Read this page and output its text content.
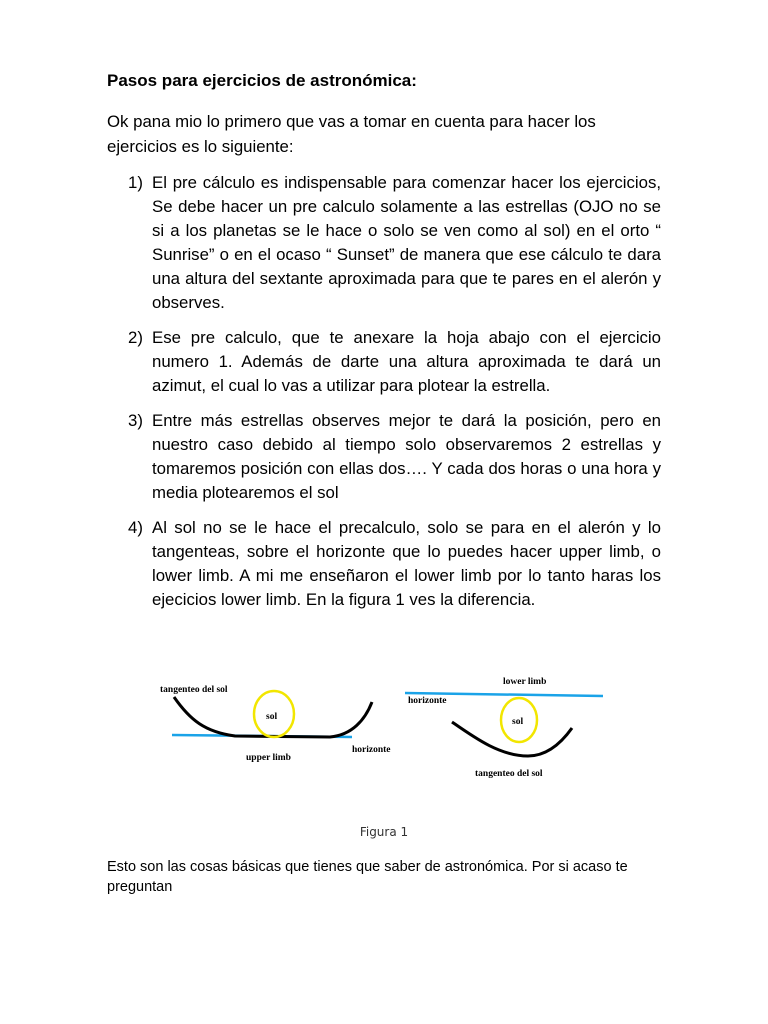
Pasos para ejercicios de astronómica:

Ok pana mio lo primero que vas a tomar en cuenta para hacer los ejercicios es lo siguiente:

1) El pre cálculo es indispensable para comenzar hacer los ejercicios, Se debe hacer un pre calculo solamente a las estrellas (OJO no se si a los planetas se le hace o solo se ven como al sol) en el orto “ Sunrise” o en el ocaso “ Sunset” de manera que ese cálculo te dara una altura del sextante aproximada para que te pares en el alerón y observes.
2) Ese pre calculo, que te anexare la hoja abajo con el ejercicio numero 1. Además de darte una altura aproximada te dará un azimut, el cual lo vas a utilizar para plotear la estrella.
3) Entre más estrellas observes mejor te dará la posición, pero en nuestro caso debido al tiempo solo observaremos 2 estrellas y tomaremos posición con ellas dos…. Y cada dos horas o una hora y media plotearemos el sol
4) Al sol no se le hace el precalculo, solo se para en el alerón y lo tangenteas, sobre el horizonte que lo puedes hacer upper limb, o lower limb. A mi me enseñaron el lower limb por lo tanto haras los ejecicios lower limb. En la figura 1 ves la diferencia.
tangenteo del sol
sol
upper limb
horizonte
lower limb
horizonte
sol
tangenteo del sol
Figura 1

Esto son las cosas básicas que tienes que saber de astronómica. Por si acaso te preguntan
